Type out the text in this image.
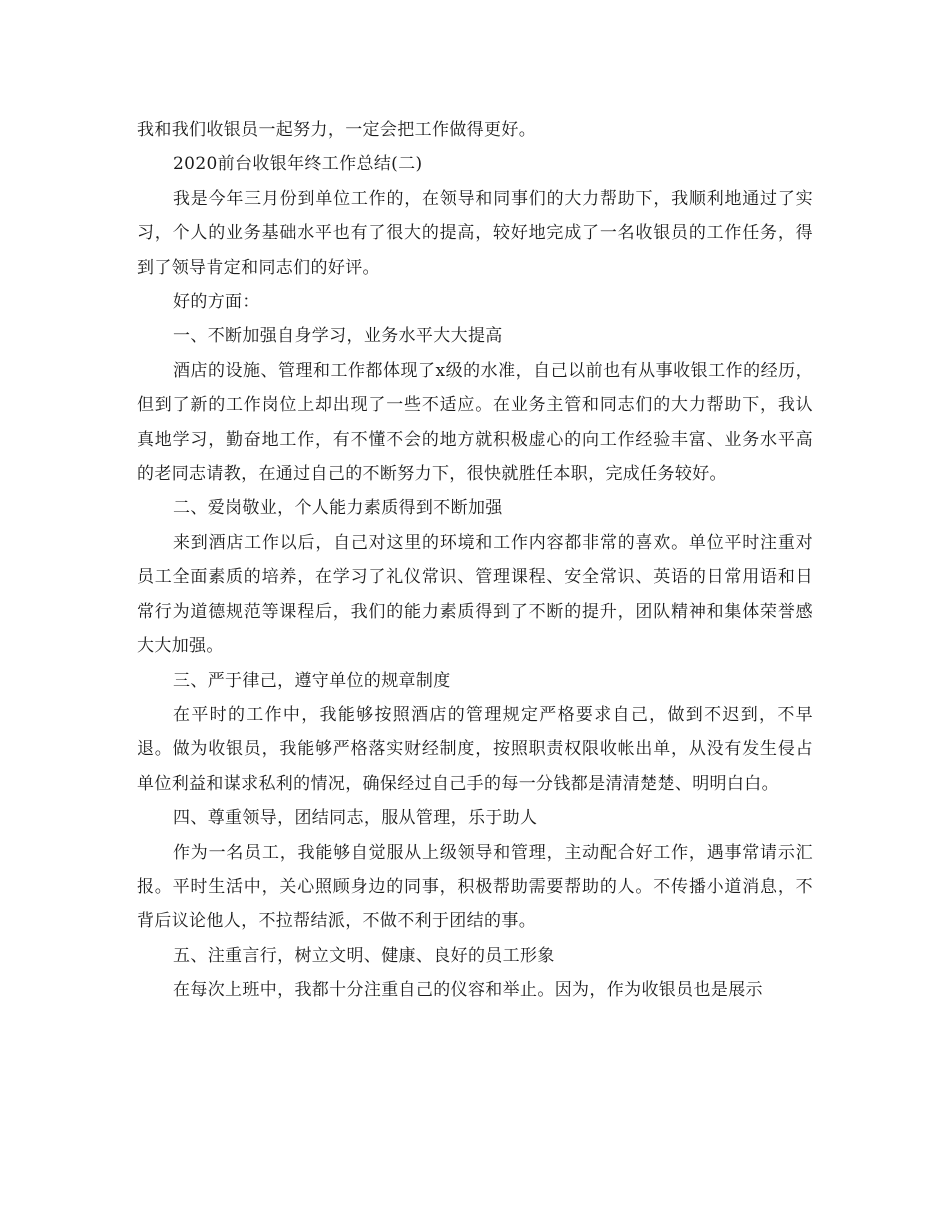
我和我们收银员一起努力，一定会把工作做得更好。

2020前台收银年终工作总结(二)

我是今年三月份到单位工作的，在领导和同事们的大力帮助下，我顺利地通过了实习，个人的业务基础水平也有了很大的提高，较好地完成了一名收银员的工作任务，得到了领导肯定和同志们的好评。

好的方面：

一、不断加强自身学习，业务水平大大提高

酒店的设施、管理和工作都体现了x级的水准，自己以前也有从事收银工作的经历，但到了新的工作岗位上却出现了一些不适应。在业务主管和同志们的大力帮助下，我认真地学习，勤奋地工作，有不懂不会的地方就积极虚心的向工作经验丰富、业务水平高的老同志请教，在通过自己的不断努力下，很快就胜任本职，完成任务较好。

二、爱岗敬业，个人能力素质得到不断加强

来到酒店工作以后，自己对这里的环境和工作内容都非常的喜欢。单位平时注重对员工全面素质的培养，在学习了礼仪常识、管理课程、安全常识、英语的日常用语和日常行为道德规范等课程后，我们的能力素质得到了不断的提升，团队精神和集体荣誉感大大加强。

三、严于律己，遵守单位的规章制度

在平时的工作中，我能够按照酒店的管理规定严格要求自己，做到不迟到，不早退。做为收银员，我能够严格落实财经制度，按照职责权限收帐出单，从没有发生侵占单位利益和谋求私利的情况，确保经过自己手的每一分钱都是清清楚楚、明明白白。

四、尊重领导，团结同志，服从管理，乐于助人

作为一名员工，我能够自觉服从上级领导和管理，主动配合好工作，遇事常请示汇报。平时生活中，关心照顾身边的同事，积极帮助需要帮助的人。不传播小道消息，不背后议论他人，不拉帮结派，不做不利于团结的事。

五、注重言行，树立文明、健康、良好的员工形象

在每次上班中，我都十分注重自己的仪容和举止。因为，作为收银员也是展示
